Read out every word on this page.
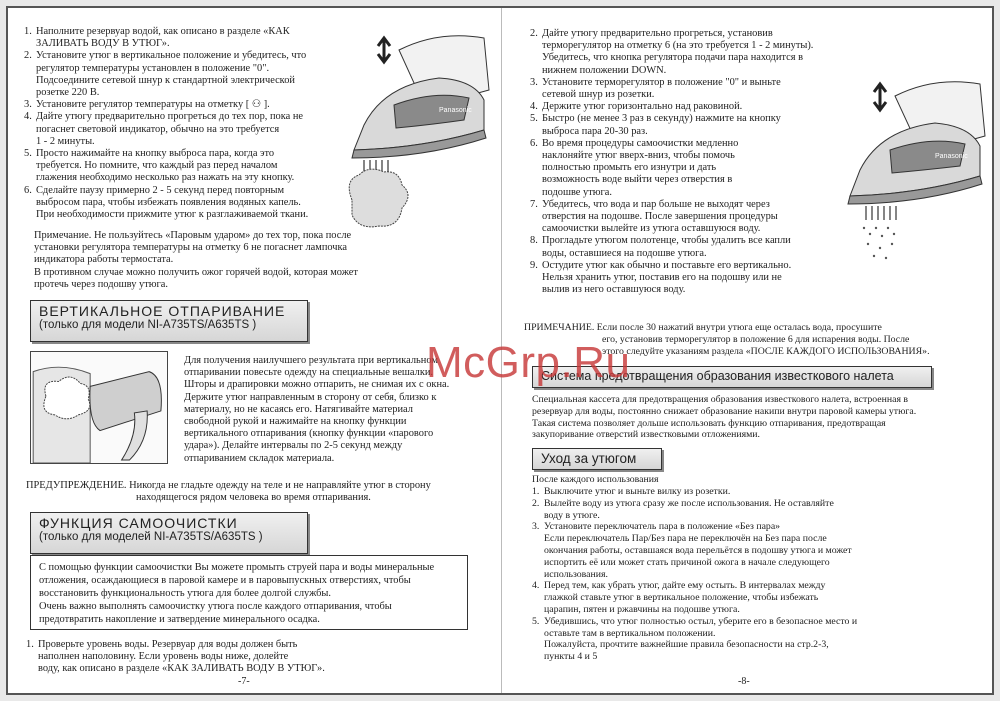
1. Наполните резервуар водой, как описано в разделе «КАК
ЗАЛИВАТЬ ВОДУ В УТЮГ».
2. Установите утюг в вертикальное положение и убедитесь, что
регулятор температуры установлен в положение "0".
Подсоедините сетевой шнур к стандартной электрической
розетке 220 В.
3. Установите регулятор температуры на отметку [ ⚇ ].
4. Дайте утюгу предварительно прогреться до тех пор, пока не
погаснет световой индикатор, обычно на это требуется
1 - 2 минуты.
5. Просто нажимайте на кнопку выброса пара, когда это
требуется. Но помните, что каждый раз перед началом
глажения необходимо несколько раз нажать на эту кнопку.
6. Сделайте паузу примерно 2 - 5 секунд перед повторным
выбросом пара, чтобы избежать появления водяных капель.
При необходимости прижмите утюг к разглаживаемой ткани.
Panasonic

Примечание. Не пользуйтесь «Паровым ударом» до тех тор, пока после

установки регулятора температуры на отметку 6 не погаснет лампочка

индикатора работы термостата.

В противном случае можно получить ожог горячей водой, которая может

протечь через подошву утюга.

ВЕРТИКАЛЬНОЕ ОТПАРИВАНИЕ
(только для модели NI-A735TS/A635TS )

Для получения наилучшего результата при вертикальном

отпаривании повесьте одежду на специальные вешалки.

Шторы и драпировки можно отпарить, не снимая их с окна.

Держите утюг направленным в сторону от себя, близко к

материалу, но не касаясь его. Натягивайте материал

свободной рукой и нажимайте на кнопку функции

вертикального отпаривания (кнопку функции «парового

удара»). Делайте интервалы по 2-5 секунд между

отпариванием складок материала.

ПРЕДУПРЕЖДЕНИЕ. Никогда не гладьте одежду на теле и не направляйте утюг в сторону

находящегося рядом человека во время отпаривания.

ФУНКЦИЯ САМООЧИСТКИ
(только для моделей NI-A735TS/A635TS )
С помощью функции самоочистки Вы можете промыть струей пара и воды минеральные
отложения, осаждающиеся в паровой камере и в паровыпускных отверстиях, чтобы
восстановить функциональность утюга для более долгой службы.
Очень важно выполнять самоочистку утюга после каждого отпаривания, чтобы
предотвратить накопление и затвердение минерального осадка.
1. Проверьте уровень воды. Резервуар для воды должен быть
наполнен наполовину. Если уровень воды ниже, долейте
воду, как описано в разделе «КАК ЗАЛИВАТЬ ВОДУ В УТЮГ».
-7-
2. Дайте утюгу предварительно прогреться, установив
терморегулятор на отметку 6 (на это требуется 1 - 2 минуты).
Убедитесь, что кнопка регулятора подачи пара находится в
нижнем положении DOWN.
3. Установите терморегулятор в положение "0" и выньте
сетевой шнур из розетки.
4. Держите утюг горизонтально над раковиной.
5. Быстро (не менее 3 раз в секунду) нажмите на кнопку
выброса пара 20-30 раз.
6. Во время процедуры самоочистки медленно
наклоняйте утюг вверх-вниз, чтобы помочь
полностью промыть его изнутри и дать
возможность воде выйти через отверстия в
подошве утюга.
7. Убедитесь, что вода и пар больше не выходят через
отверстия на подошве. После завершения процедуры
самоочистки вылейте из утюга оставшуюся воду.
8. Прогладьте утюгом полотенце, чтобы удалить все капли
воды, оставшиеся на подошве утюга.
9. Остудите утюг как обычно и поставьте его вертикально.
Нельзя хранить утюг, поставив его на подошву или не
вылив из него оставшуюся воду.
Panasonic

ПРИМЕЧАНИЕ. Если после 30 нажатий внутри утюга еще осталась вода, просушите

его, установив терморегулятор в положение 6 для испарения воды. После

этого следуйте указаниям раздела «ПОСЛЕ КАЖДОГО ИСПОЛЬЗОВАНИЯ».

Система предотвращения образования известкового налета

Специальная кассета для предотвращения образования известкового налета, встроенная в

резервуар для воды, постоянно снижает образование накипи внутри паровой камеры утюга.

Такая система позволяет дольше использовать функцию отпаривания, предотвращая

закупоривание отверстий известковыми отложениями.

Уход за утюгом
После каждого использования
1. Выключите утюг и выньте вилку из розетки.
2. Вылейте воду из утюга сразу же после использования. Не оставляйте
воду в утюге.
3. Установите переключатель пара в положение «Без пара»
Если переключатель Пар/Без пара не переключён на Без пара после
окончания работы, оставшаяся вода перельётся в подошву утюга и может
испортить её или может стать причиной ожога в начале следующего
использования.
4. Перед тем, как убрать утюг, дайте ему остыть. В интервалах между
глажкой ставьте утюг в вертикальное положение, чтобы избежать
царапин, пятен и ржавчины на подошве утюга.
5. Убедившись, что утюг полностью остыл, уберите его в безопасное место и
оставьте там в вертикальном положении.
Пожалуйста, прочтите важнейшие правила безопасности на стр.2-3,
пункты 4 и 5
-8-
McGrp.Ru
